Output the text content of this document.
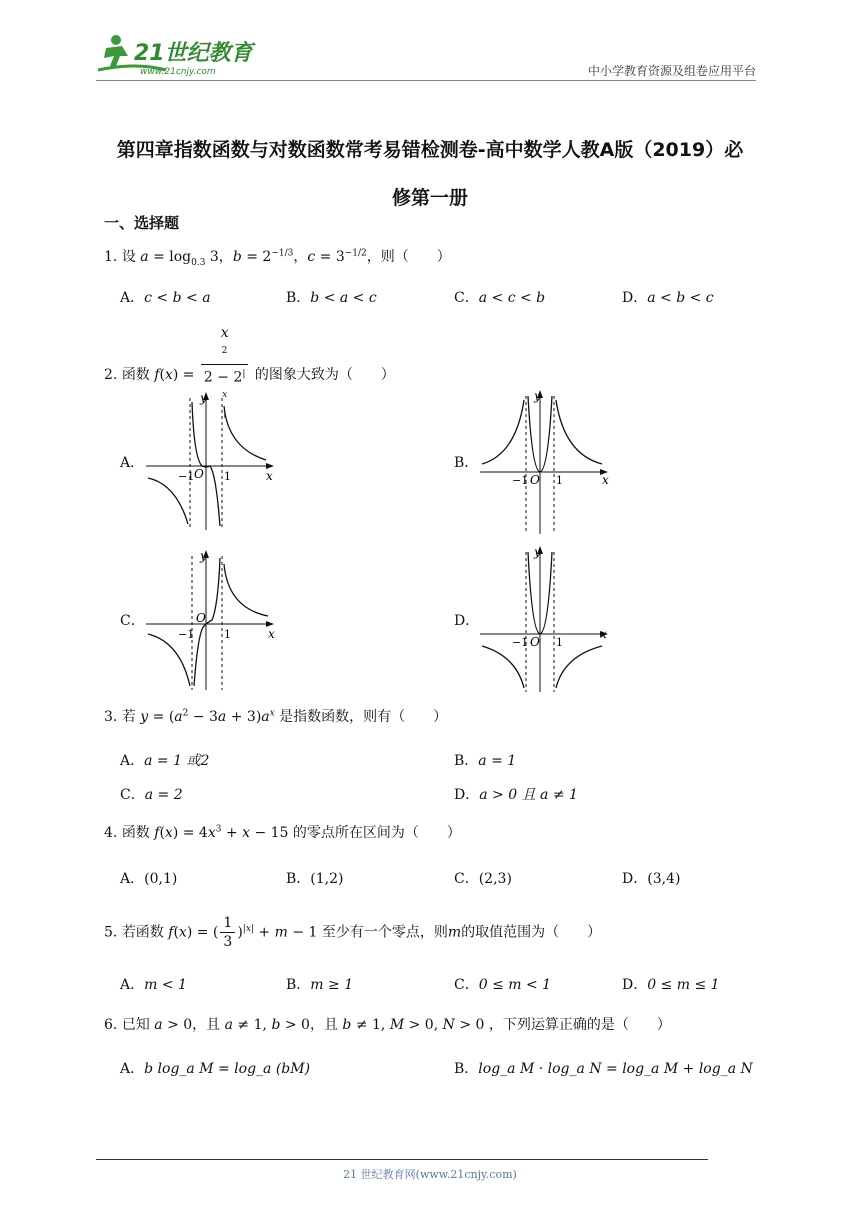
21世纪教育
www.21cnjy.com	中小学教育资源及组卷应用平台
第四章指数函数与对数函数常考易错检测卷-高中数学人教A版（2019）必
修第一册
一、选择题
1. 设 $a = \log_{0.3} 3$，$b = 2^{-1/3}$，$c = 3^{-1/2}$，则（　　）
A．c < b < a	B．b < a < c	C．a < c < b	D．a < b < c
2. 函数 f(x) = x
$^2$
$2 - 2^{| x |}$ 的图象大致为（　　）
A．	B．
C．	D．
y
x
O
−1	1
y
x
O
−1	1
y
x
O
−1	1
y
x
O
−1	1
3. 若 $y = (a^2 - 3a + 3)a^x$ 是指数函数，则有（　　）
A．a = 1 或2	B．a = 1
C．a = 2	D．a > 0 且 a ≠ 1
4. 函数 $f(x) = 4x^3 + x - 15$ 的零点所在区间为（　　）
A．(0,1)	B．(1,2)	C．(2,3)	D．(3,4)
5. 若函数 f(x) = ( $\frac{1}{3} )^{|x|} + m - 1$ 至少有一个零点，则m的取值范围为（　　）
A．m < 1	B．m ≥ 1	C．0 ≤ m < 1	D．0 ≤ m ≤ 1
6. 已知 a > 0，且 a ≠ 1, b > 0，且 b ≠ 1, M > 0, N > 0 ，下列运算正确的是（　　）
A．b log_a M = log_a (bM)	B．log_a M · log_a N = log_a M + log_a N
21 世纪教育网(www.21cnjy.com)
